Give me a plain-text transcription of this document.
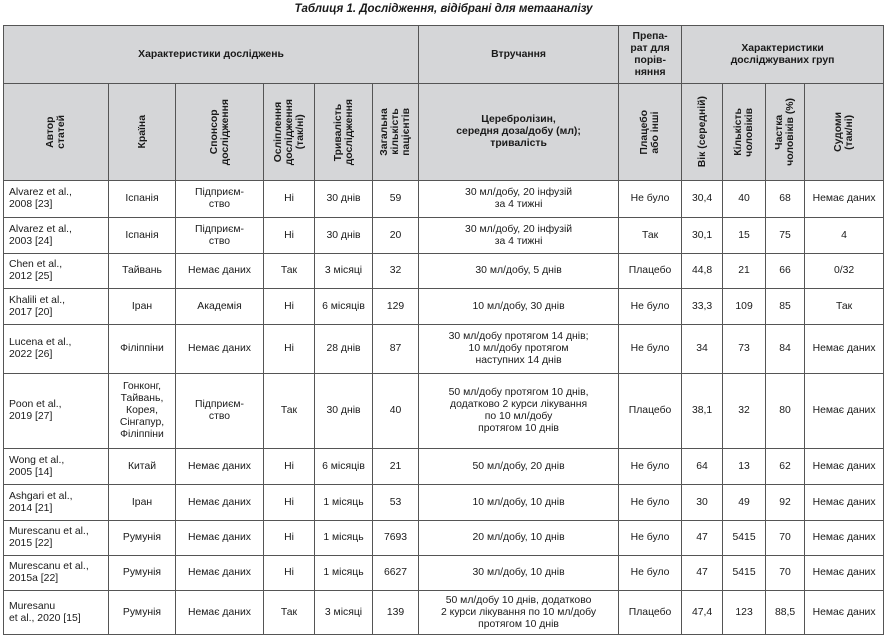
Таблиця 1. Дослідження, відібрані для метааналізу
Характеристики досліджень						Втручання	Препа-
рат для
порів-
няння	Характеристики
досліджуваних груп			

Автор
статей	Країна	Спонсор
дослідження	Осліплення
дослідження
(так/ні)	Тривалість
дослідження	Загальна
кількість
пацієнтів	Церебролізин,
середня доза/добу (мл);
тривалість	Плацебо
або інші	Вік (середній)	Кількість
чоловіків	Частка
чоловіків (%)	Судоми
(так/ні)

Alvarez et al.,
2008 [23]	Іспанія	Підприєм-
ство	Ні	30 днів	59	30 мл/добу, 20 інфузій
за 4 тижні	Не було	30,4	40	68	Немає даних
Alvarez et al.,
2003 [24]	Іспанія	Підприєм-
ство	Ні	30 днів	20	30 мл/добу, 20 інфузій
за 4 тижні	Так	30,1	15	75	4
Chen et al.,
2012 [25]	Тайвань	Немає даних	Так	3 місяці	32	30 мл/добу, 5 днів	Плацебо	44,8	21	66	0/32
Khalili et al.,
2017 [20]	Іран	Академія	Ні	6 місяців	129	10 мл/добу, 30 днів	Не було	33,3	109	85	Так
Lucena et al.,
2022 [26]	Філіппіни	Немає даних	Ні	28 днів	87	30 мл/добу протягом 14 днів;
10 мл/добу протягом
наступних 14 днів	Не було	34	73	84	Немає даних
Poon et al.,
2019 [27]	Гонконг,
Тайвань,
Корея,
Сінгапур,
Філіппіни	Підприєм-
ство	Так	30 днів	40	50 мл/добу протягом 10 днів,
додатково 2 курси лікування
по 10 мл/добу
протягом 10 днів	Плацебо	38,1	32	80	Немає даних
Wong et al.,
2005 [14]	Китай	Немає даних	Ні	6 місяців	21	50 мл/добу, 20 днів	Не було	64	13	62	Немає даних
Ashgari et al.,
2014 [21]	Іран	Немає даних	Ні	1 місяць	53	10 мл/добу, 10 днів	Не було	30	49	92	Немає даних
Murescanu et al.,
2015 [22]	Румунія	Немає даних	Ні	1 місяць	7693	20 мл/добу, 10 днів	Не було	47	5415	70	Немає даних
Murescanu et al.,
2015a [22]	Румунія	Немає даних	Ні	1 місяць	6627	30 мл/добу, 10 днів	Не було	47	5415	70	Немає даних
Muresanu
et al., 2020 [15]	Румунія	Немає даних	Так	3 місяці	139	50 мл/добу 10 днів, додатково
2 курси лікування по 10 мл/добу
протягом 10 днів	Плацебо	47,4	123	88,5	Немає даних
